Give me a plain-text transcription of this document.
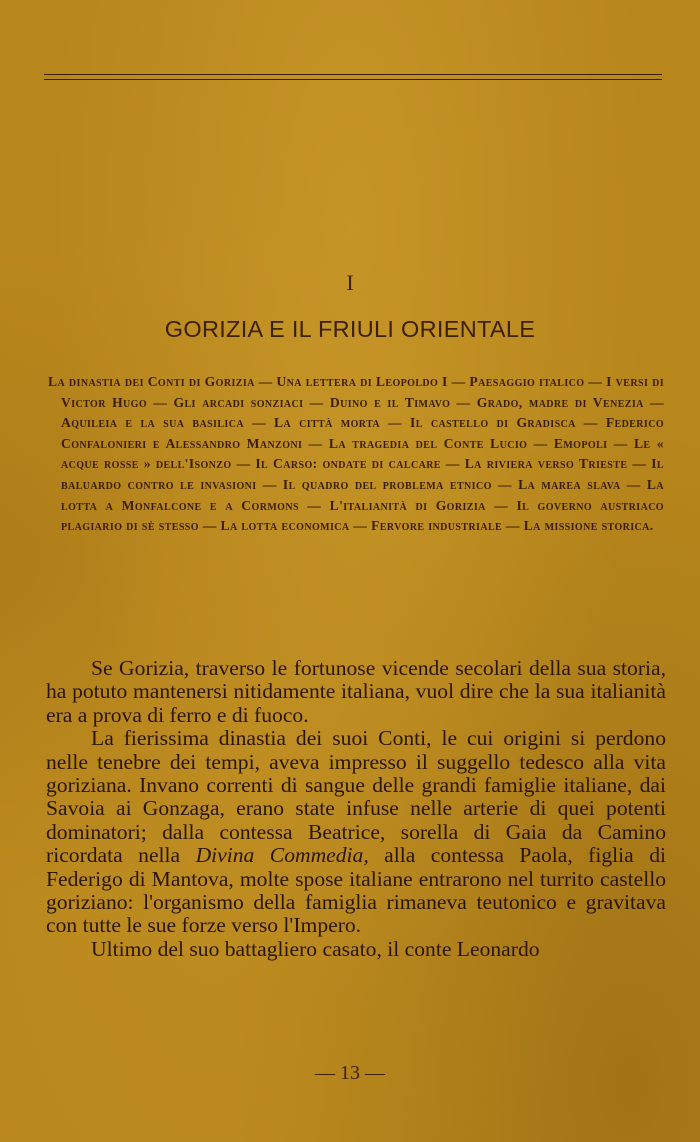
I
GORIZIA E IL FRIULI ORIENTALE
La dinastia dei Conti di Gorizia — Una lettera di Leopoldo I — Paesaggio italico — I versi di Victor Hugo — Gli arcadi sonziaci — Duino e il Timavo — Grado, madre di Venezia — Aquileia e la sua basilica — La città morta — Il castello di Gradisca — Federico Confalonieri e Alessandro Manzoni — La tragedia del Conte Lucio — Emopoli — Le « acque rosse » dell'Isonzo — Il Carso: ondate di calcare — La riviera verso Trieste — Il baluardo contro le invasioni — Il quadro del problema etnico — La marea slava — La lotta a Monfalcone e a Cormons — L'italianità di Gorizia — Il governo austriaco plagiario di sè stesso — La lotta economica — Fervore industriale — La missione storica.

Se Gorizia, traverso le fortunose vicende secolari della sua storia, ha potuto mantenersi nitidamente italiana, vuol dire che la sua italianità era a prova di ferro e di fuoco.

La fierissima dinastia dei suoi Conti, le cui origini si perdono nelle tenebre dei tempi, aveva impresso il suggello tedesco alla vita goriziana. Invano correnti di sangue delle grandi famiglie italiane, dai Savoia ai Gonzaga, erano state infuse nelle arterie di quei potenti dominatori; dalla contessa Beatrice, sorella di Gaia da Camino ricordata nella Divina Commedia, alla contessa Paola, figlia di Federigo di Mantova, molte spose italiane entrarono nel turrito castello goriziano: l'organismo della famiglia rimaneva teutonico e gravitava con tutte le sue forze verso l'Impero.

Ultimo del suo battagliero casato, il conte Leonardo

— 13 —
